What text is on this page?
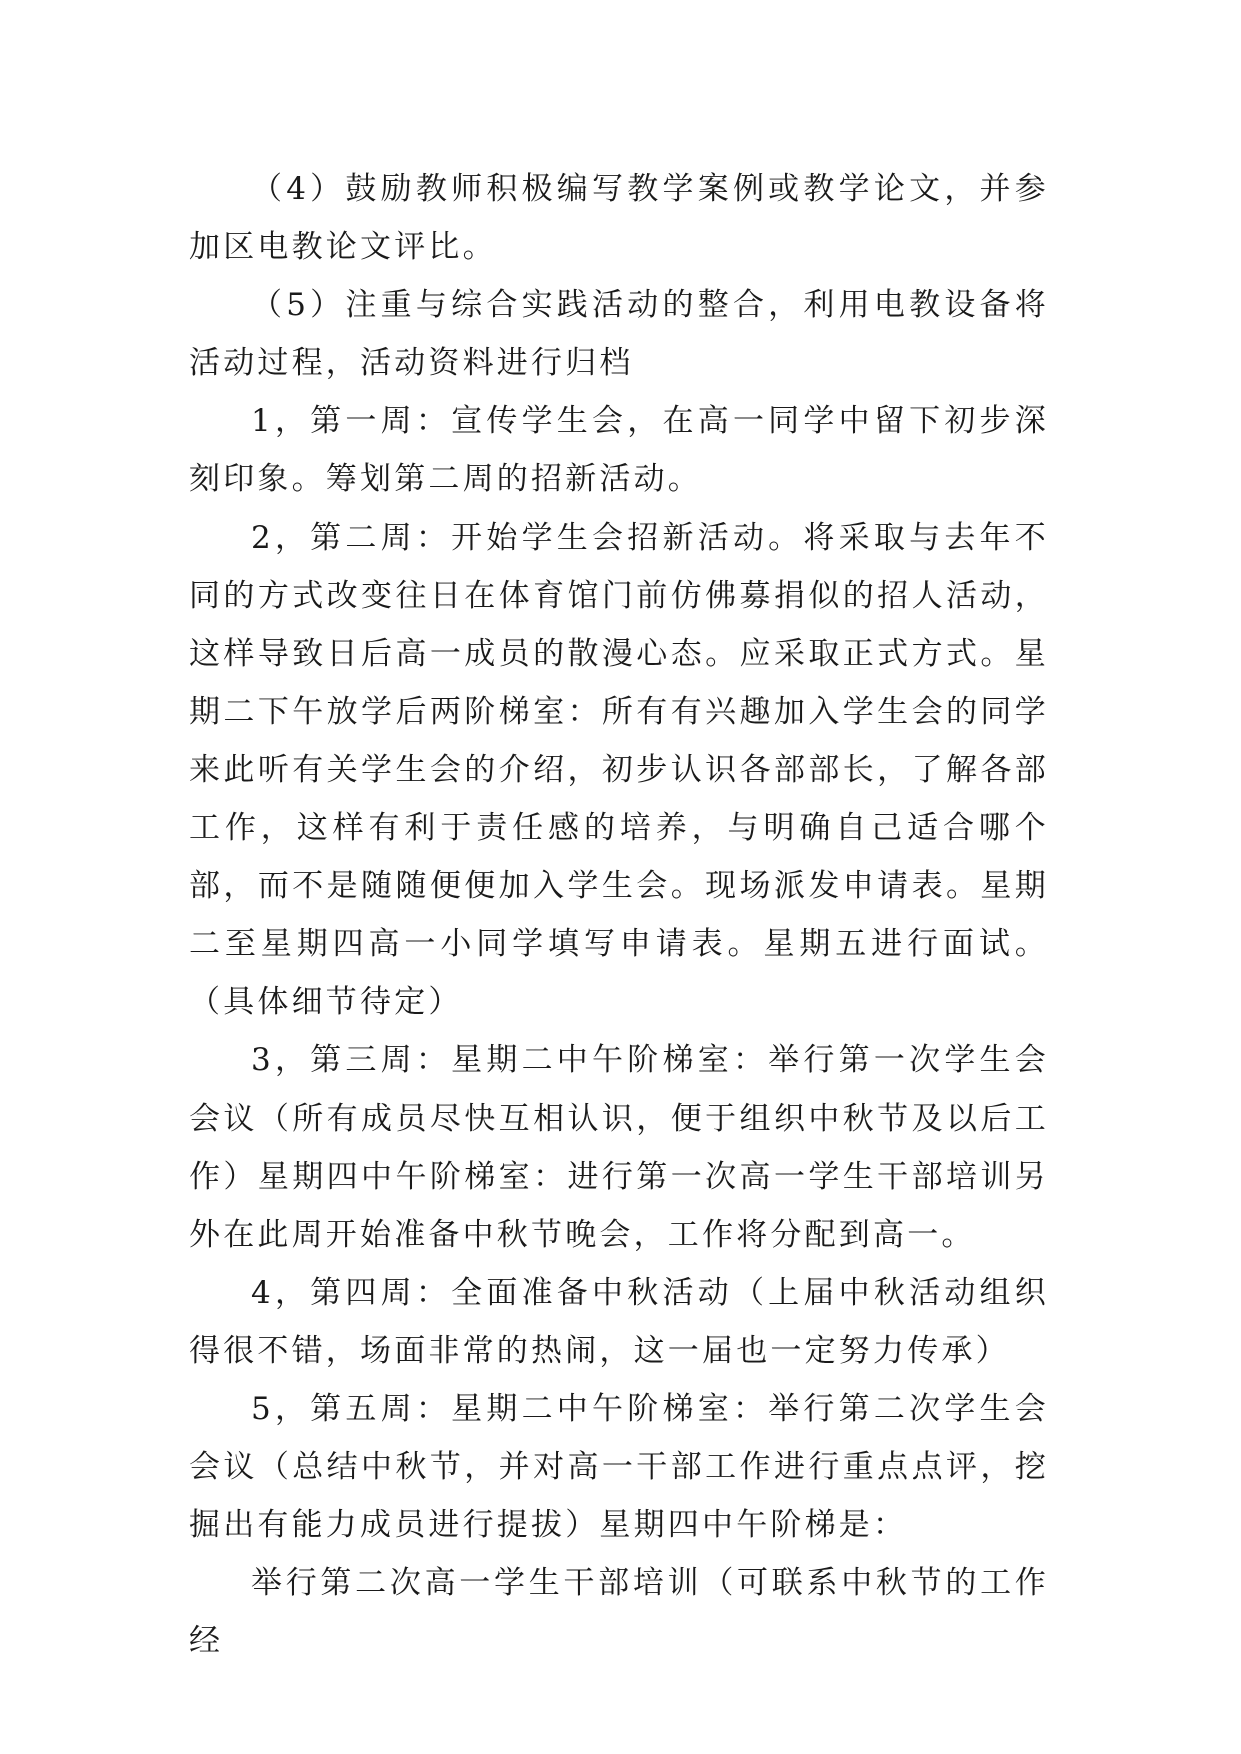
（4）鼓励教师积极编写教学案例或教学论文，并参加区电教论文评比。

（5）注重与综合实践活动的整合，利用电教设备将活动过程，活动资料进行归档

1，第一周：宣传学生会，在高一同学中留下初步深刻印象。筹划第二周的招新活动。

2，第二周：开始学生会招新活动。将采取与去年不同的方式改变往日在体育馆门前仿佛募捐似的招人活动，这样导致日后高一成员的散漫心态。应采取正式方式。星期二下午放学后两阶梯室：所有有兴趣加入学生会的同学来此听有关学生会的介绍，初步认识各部部长，了解各部工作，这样有利于责任感的培养，与明确自己适合哪个部，而不是随随便便加入学生会。现场派发申请表。星期二至星期四高一小同学填写申请表。星期五进行面试。（具体细节待定）

3，第三周：星期二中午阶梯室：举行第一次学生会会议（所有成员尽快互相认识，便于组织中秋节及以后工作）星期四中午阶梯室：进行第一次高一学生干部培训另外在此周开始准备中秋节晚会，工作将分配到高一。

4，第四周：全面准备中秋活动（上届中秋活动组织得很不错，场面非常的热闹，这一届也一定努力传承）

5，第五周：星期二中午阶梯室：举行第二次学生会会议（总结中秋节，并对高一干部工作进行重点点评，挖掘出有能力成员进行提拔）星期四中午阶梯是：

举行第二次高一学生干部培训（可联系中秋节的工作经
